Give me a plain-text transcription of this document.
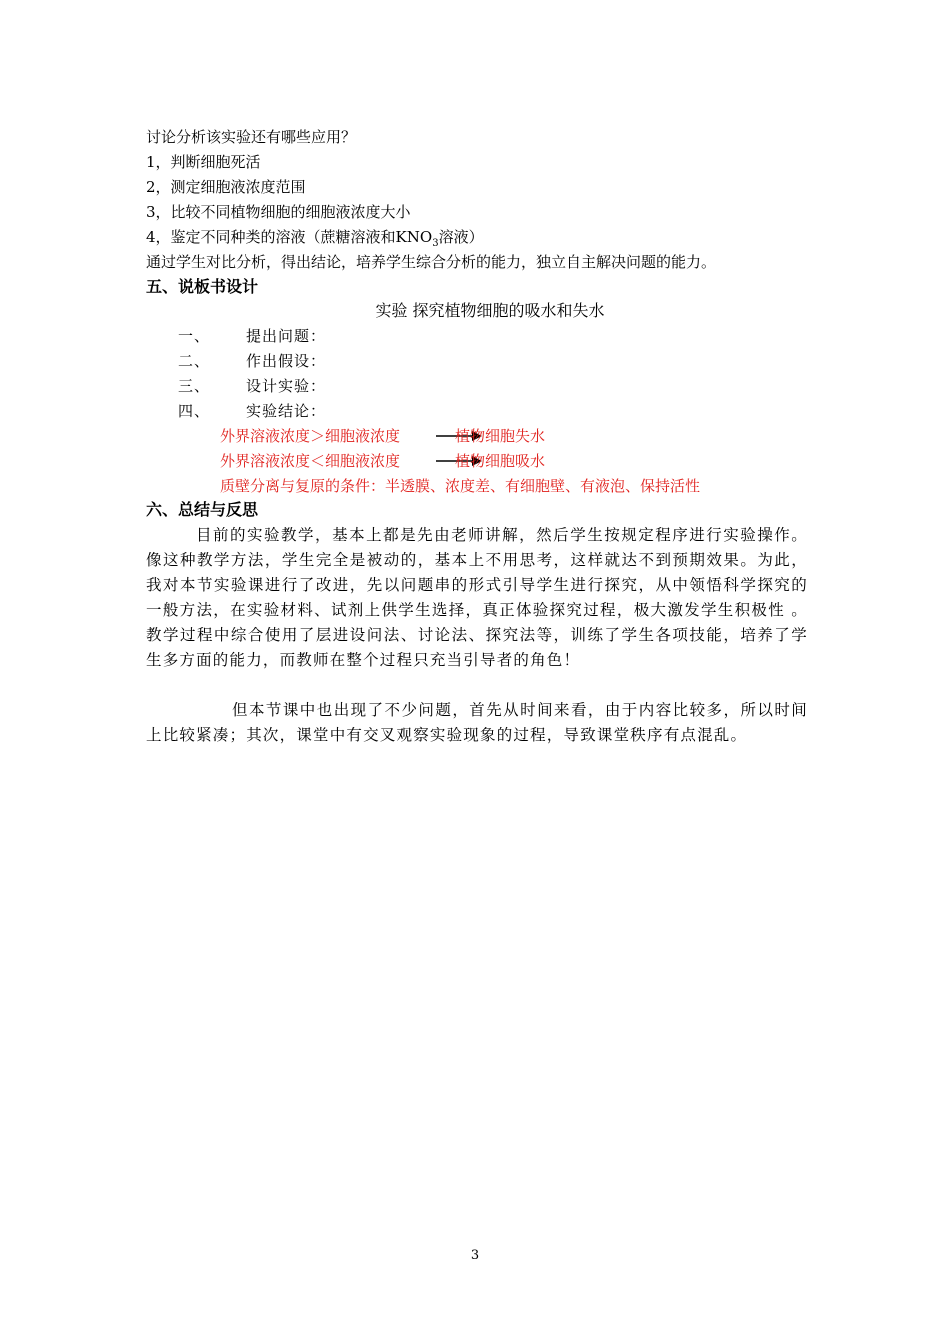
讨论分析该实验还有哪些应用？
1，判断细胞死活
2，测定细胞液浓度范围
3，比较不同植物细胞的细胞液浓度大小
4，鉴定不同种类的溶液（蔗糖溶液和$KNO_3$溶液）
通过学生对比分析，得出结论，培养学生综合分析的能力，独立自主解决问题的能力。
五、说板书设计
实验 探究植物细胞的吸水和失水
一、 提出问题：
二、 作出假设：
三、 设计实验：
四、 实验结论：
外界溶液浓度＞细胞液浓度	植物细胞失水
外界溶液浓度＜细胞液浓度	植物细胞吸水
质壁分离与复原的条件：半透膜、浓度差、有细胞壁、有液泡、保持活性
六、总结与反思
目前的实验教学，基本上都是先由老师讲解，然后学生按规定程序进行实验操作。像这种教学方法，学生完全是被动的，基本上不用思考，这样就达不到预期效果。为此，我对本节实验课进行了改进，先以问题串的形式引导学生进行探究，从中领悟科学探究的一般方法，在实验材料、试剂上供学生选择，真正体验探究过程，极大激发学生积极性 。教学过程中综合使用了层进设问法、讨论法、探究法等，训练了学生各项技能，培养了学生多方面的能力，而教师在整个过程只充当引导者的角色！
但本节课中也出现了不少问题，首先从时间来看，由于内容比较多，所以时间上比较紧凑；其次，课堂中有交叉观察实验现象的过程，导致课堂秩序有点混乱。
3
